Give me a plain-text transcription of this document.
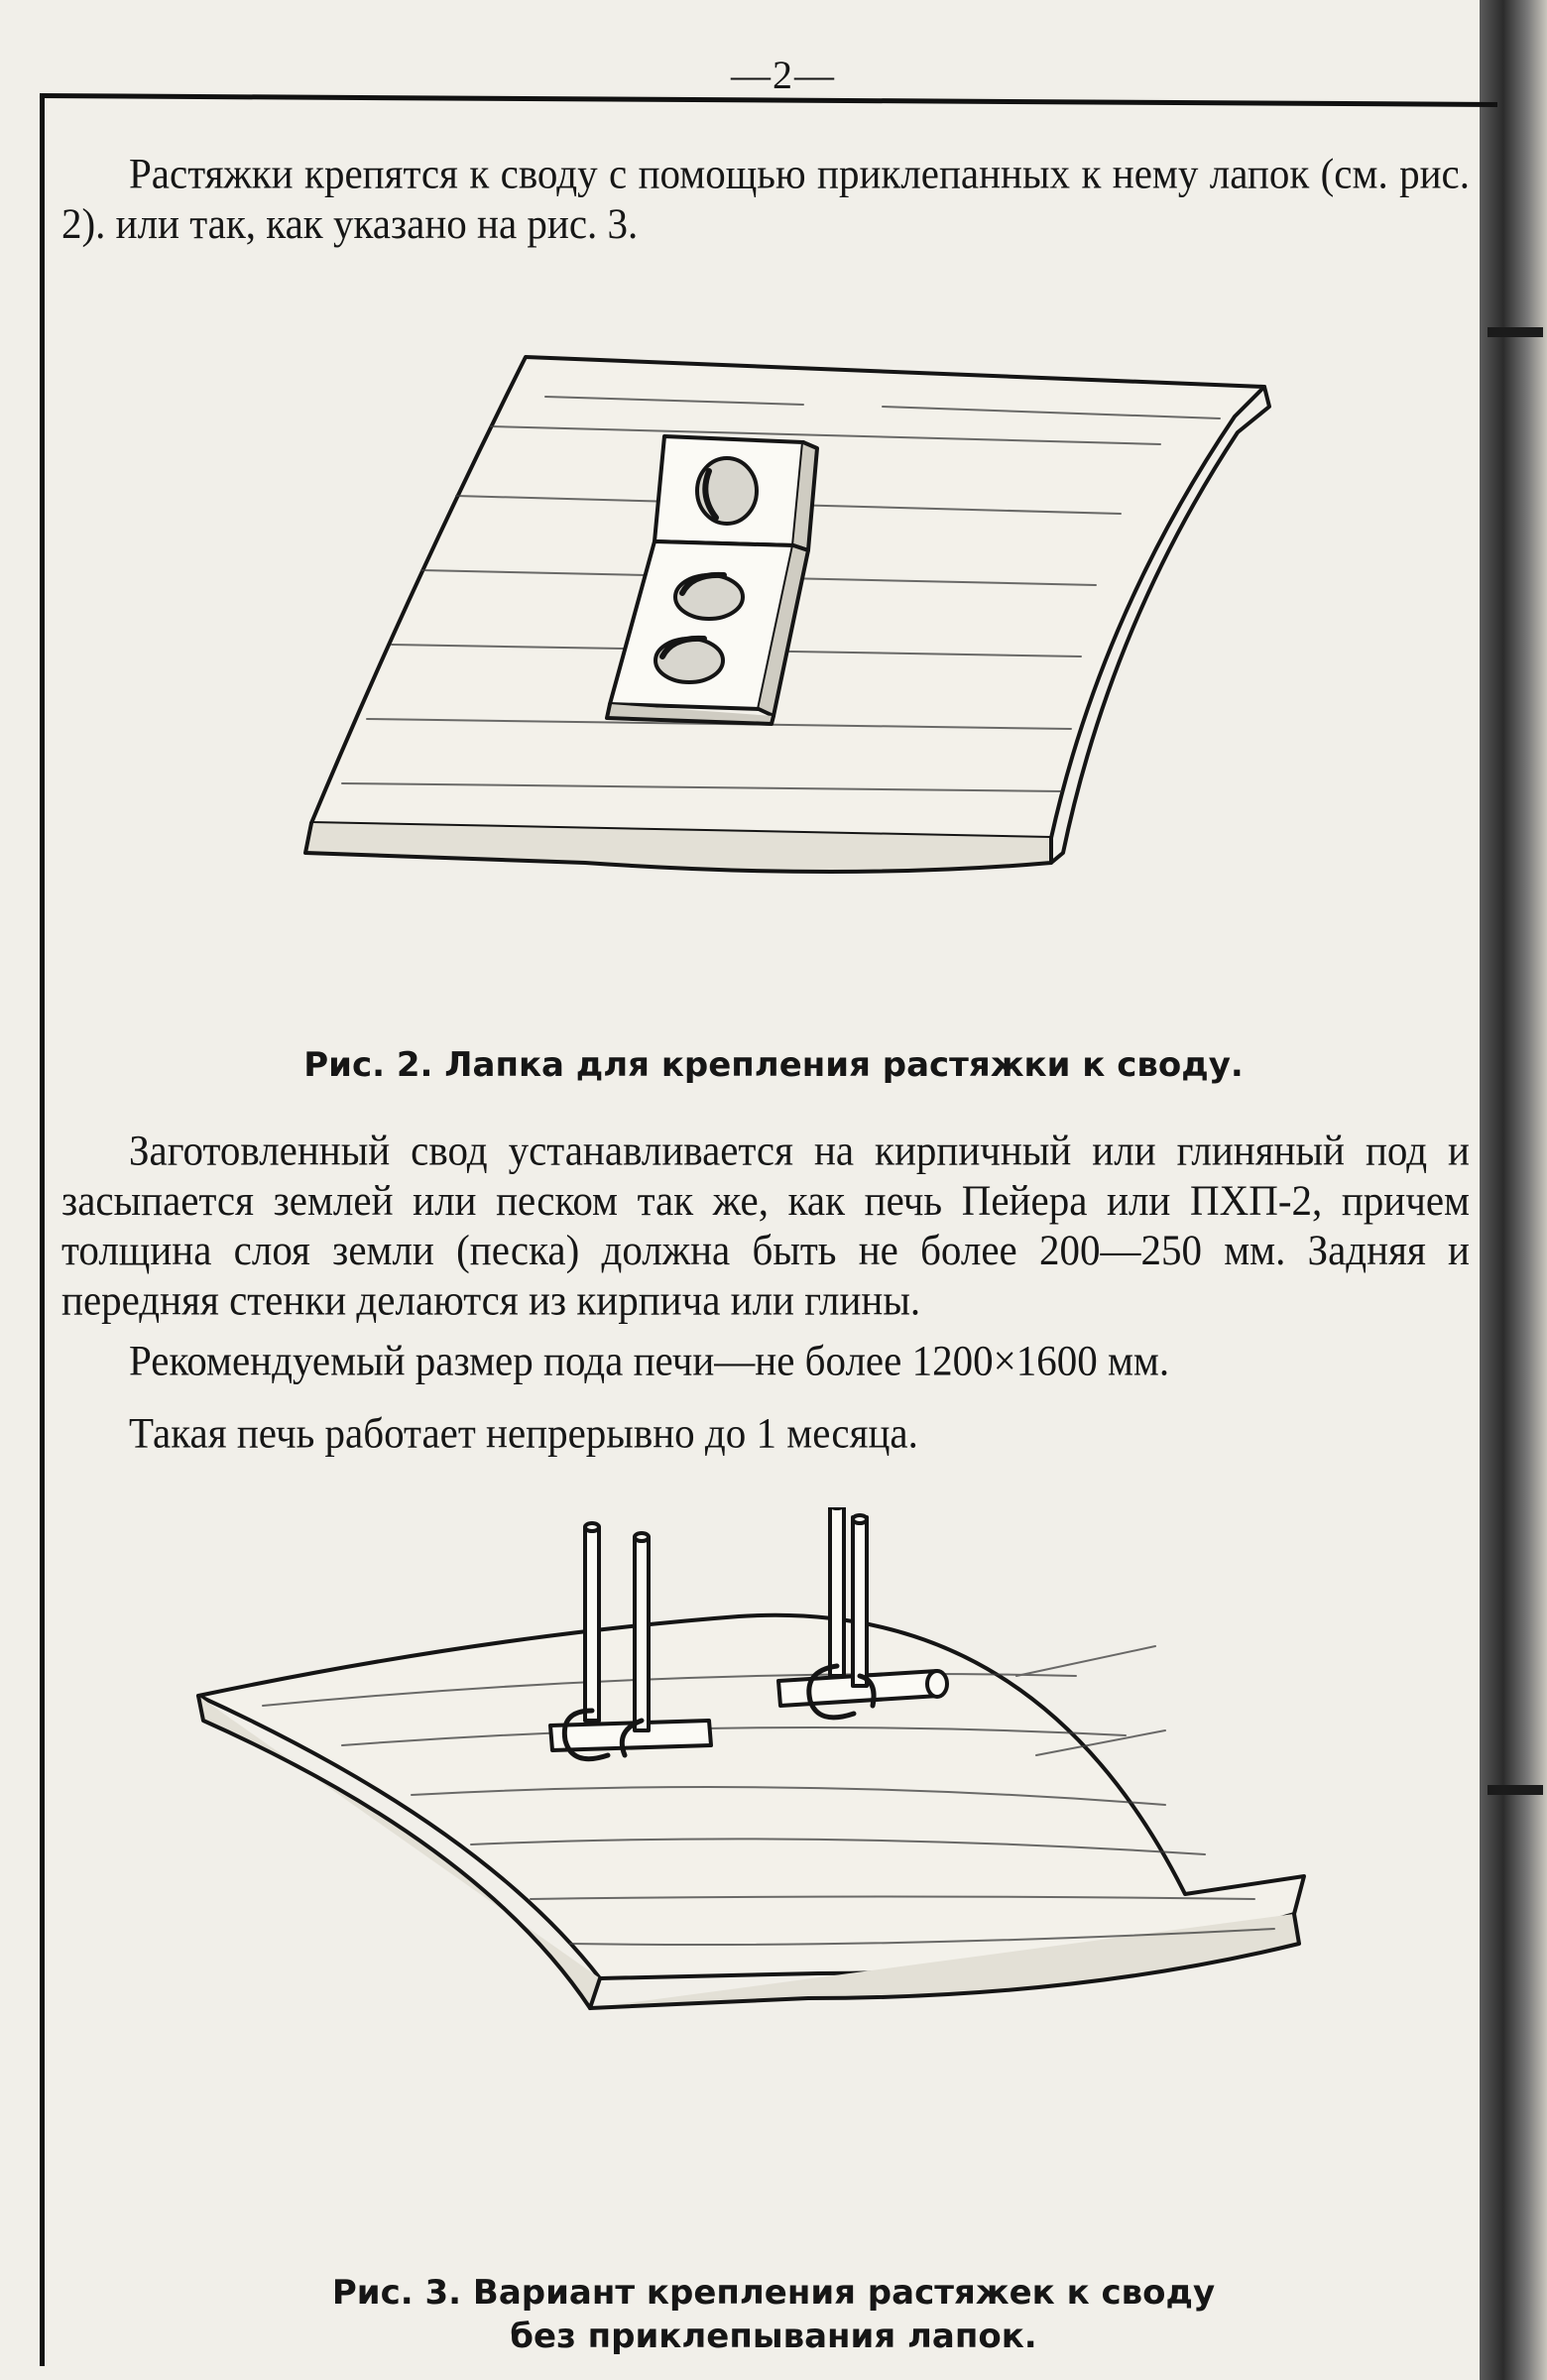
—2—
Растяжки крепятся к своду с помощью приклепанных к нему лапок (см. рис. 2). или так, как указано на рис. 3.
Рис. 2. Лапка для крепления растяжки к своду.
Заготовленный свод устанавливается на кирпичный или глиняный под и засыпается землей или песком так же, как печь Пейера или ПХП-2, причем толщина слоя земли (песка) должна быть не более 200—250 мм. Задняя и передняя стенки делаются из кирпича или глины.
Рекомендуемый размер пода печи—не более 1200×1600 мм.
Такая печь работает непрерывно до 1 месяца.
Рис. 3. Вариант крепления растяжек к своду
без приклепывания лапок.
